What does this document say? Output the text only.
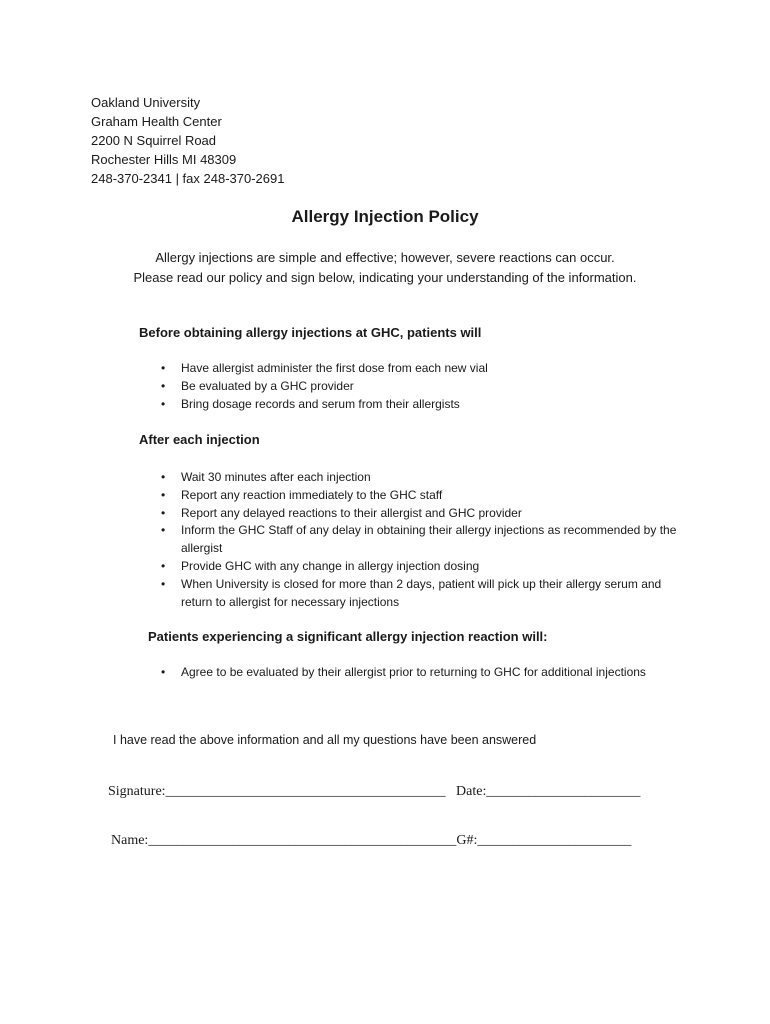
Oakland University
Graham Health Center
2200 N Squirrel Road
Rochester Hills MI 48309
248-370-2341 | fax 248-370-2691
Allergy Injection Policy
Allergy injections are simple and effective; however, severe reactions can occur.
Please read our policy and sign below, indicating your understanding of the information.
Before obtaining allergy injections at GHC, patients will
• Have allergist administer the first dose from each new vial
• Be evaluated by a GHC provider
• Bring dosage records and serum from their allergists
After each injection
• Wait 30 minutes after each injection
• Report any reaction immediately to the GHC staff
• Report any delayed reactions to their allergist and GHC provider
• Inform the GHC Staff of any delay in obtaining their allergy injections as recommended by the allergist
• Provide GHC with any change in allergy injection dosing
• When University is closed for more than 2 days, patient will pick up their allergy serum and return to allergist for necessary injections
Patients experiencing a significant allergy injection reaction will:
• Agree to be evaluated by their allergist prior to returning to GHC for additional injections
I have read the above information and all my questions have been answered
Signature:________________________________________ Date:______________________
Name:____________________________________________G#:______________________
